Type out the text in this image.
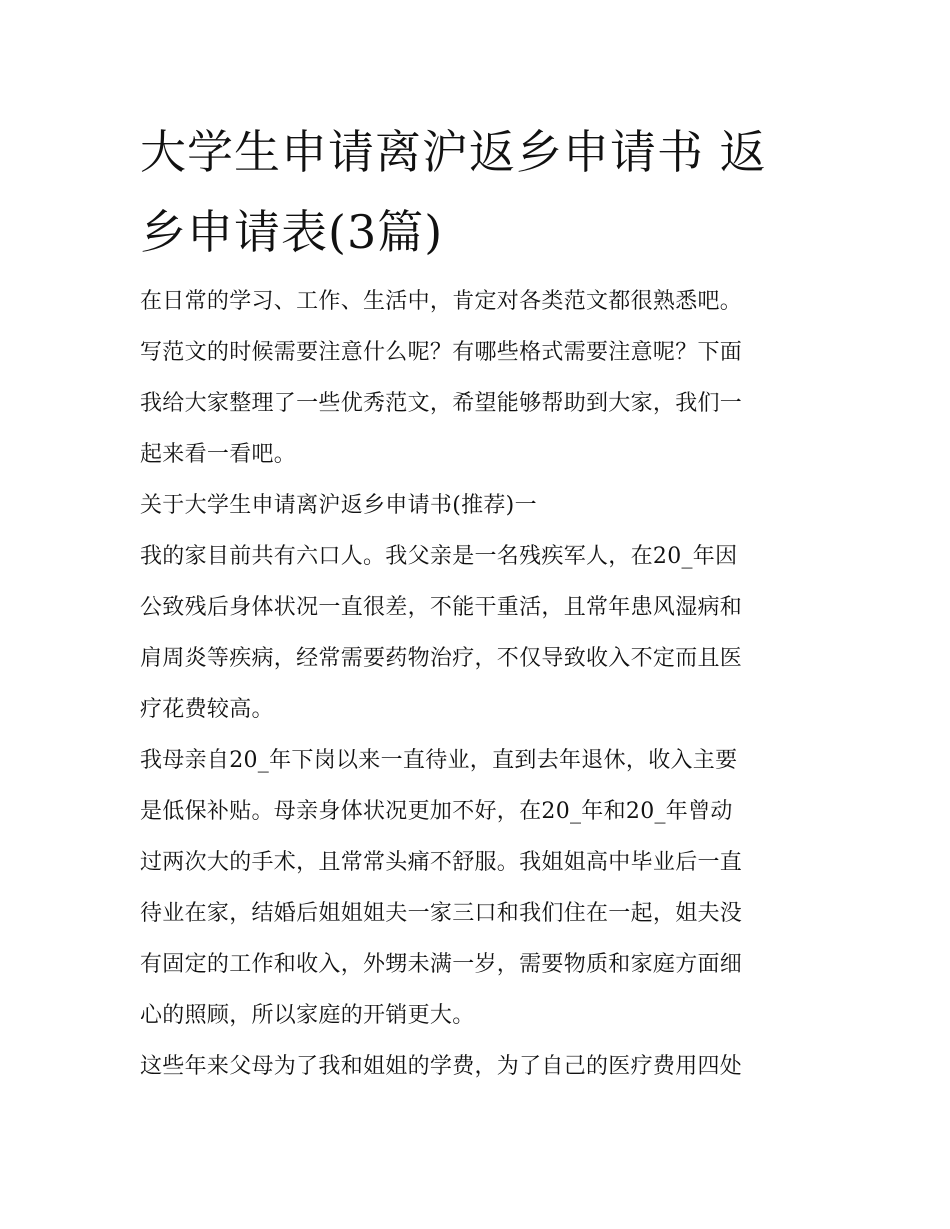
大学生申请离沪返乡申请书 返
乡申请表(3篇)
在日常的学习、工作、生活中，肯定对各类范文都很熟悉吧。
写范文的时候需要注意什么呢？有哪些格式需要注意呢？下面
我给大家整理了一些优秀范文，希望能够帮助到大家，我们一
起来看一看吧。
关于大学生申请离沪返乡申请书(推荐)一
我的家目前共有六口人。我父亲是一名残疾军人，在20_年因
公致残后身体状况一直很差，不能干重活，且常年患风湿病和
肩周炎等疾病，经常需要药物治疗，不仅导致收入不定而且医
疗花费较高。
我母亲自20_年下岗以来一直待业，直到去年退休，收入主要
是低保补贴。母亲身体状况更加不好，在20_年和20_年曾动
过两次大的手术，且常常头痛不舒服。我姐姐高中毕业后一直
待业在家，结婚后姐姐姐夫一家三口和我们住在一起，姐夫没
有固定的工作和收入，外甥未满一岁，需要物质和家庭方面细
心的照顾，所以家庭的开销更大。
这些年来父母为了我和姐姐的学费，为了自己的医疗费用四处
